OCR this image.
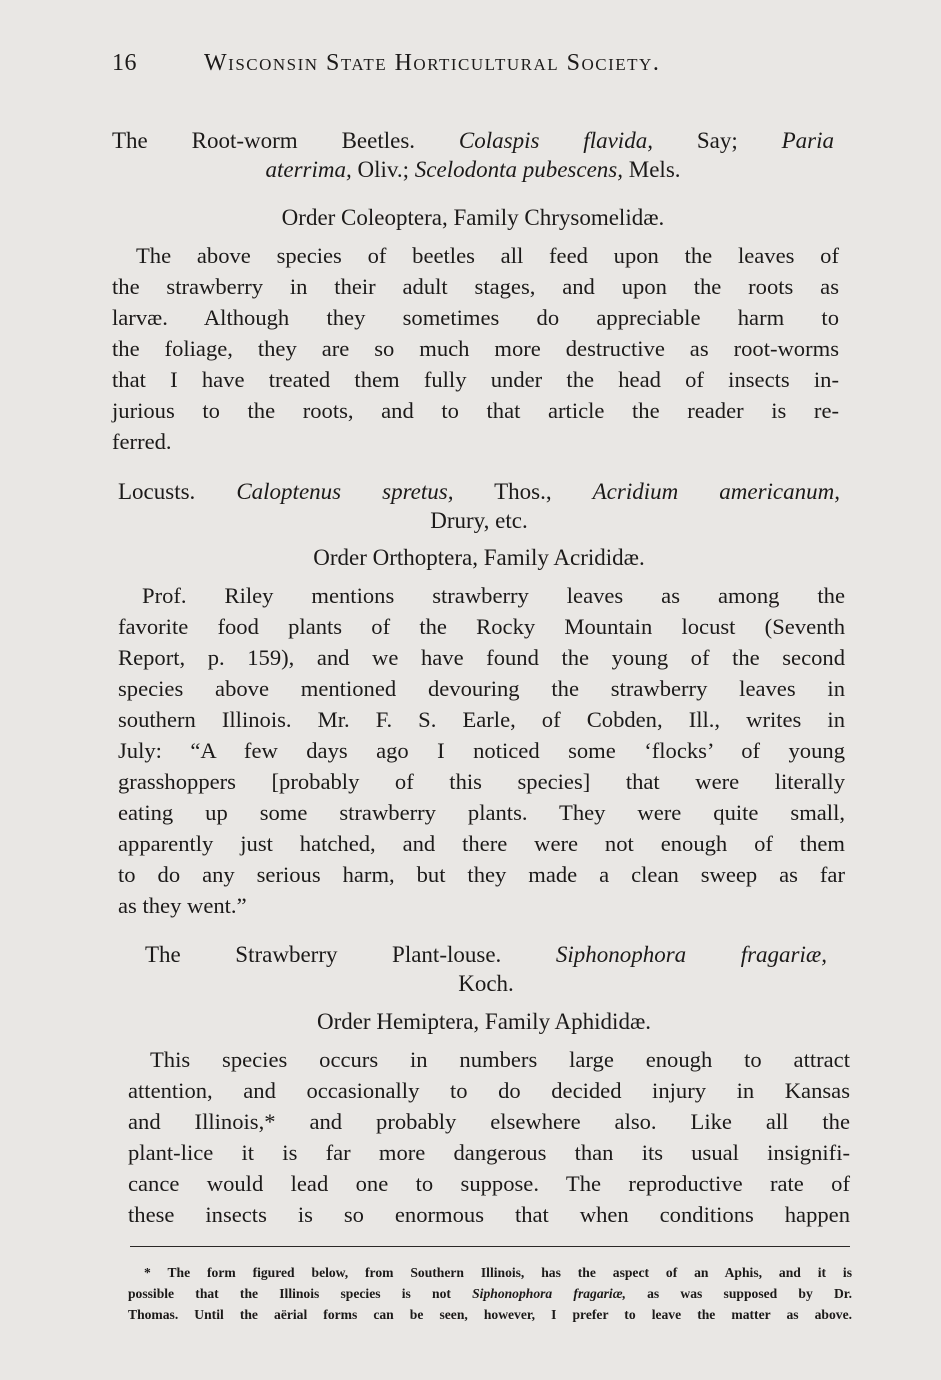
16	Wisconsin State Horticultural Society.
The Root-worm Beetles. Colaspis flavida, Say; Paria
aterrima, Oliv.; Scelodonta pubescens, Mels.
Order Coleoptera, Family Chrysomelidæ.
The above species of beetles all feed upon the leaves of
the strawberry in their adult stages, and upon the roots as
larvæ. Although they sometimes do appreciable harm to
the foliage, they are so much more destructive as root-worms
that I have treated them fully under the head of insects in-
jurious to the roots, and to that article the reader is re-
ferred.
Locusts. Caloptenus spretus, Thos., Acridium americanum,
Drury, etc.
Order Orthoptera, Family Acrididæ.
Prof. Riley mentions strawberry leaves as among the
favorite food plants of the Rocky Mountain locust (Seventh
Report, p. 159), and we have found the young of the second
species above mentioned devouring the strawberry leaves in
southern Illinois. Mr. F. S. Earle, of Cobden, Ill., writes in
July: “A few days ago I noticed some ‘flocks’ of young
grasshoppers [probably of this species] that were literally
eating up some strawberry plants. They were quite small,
apparently just hatched, and there were not enough of them
to do any serious harm, but they made a clean sweep as far
as they went.”
The Strawberry Plant-louse. Siphonophora fragariæ,
Koch.
Order Hemiptera, Family Aphididæ.
This species occurs in numbers large enough to attract
attention, and occasionally to do decided injury in Kansas
and Illinois,* and probably elsewhere also. Like all the
plant-lice it is far more dangerous than its usual insignifi-
cance would lead one to suppose. The reproductive rate of
these insects is so enormous that when conditions happen
* The form figured below, from Southern Illinois, has the aspect of an Aphis, and it is
possible that the Illinois species is not Siphonophora fragariæ, as was supposed by Dr.
Thomas. Until the aërial forms can be seen, however, I prefer to leave the matter as above.
